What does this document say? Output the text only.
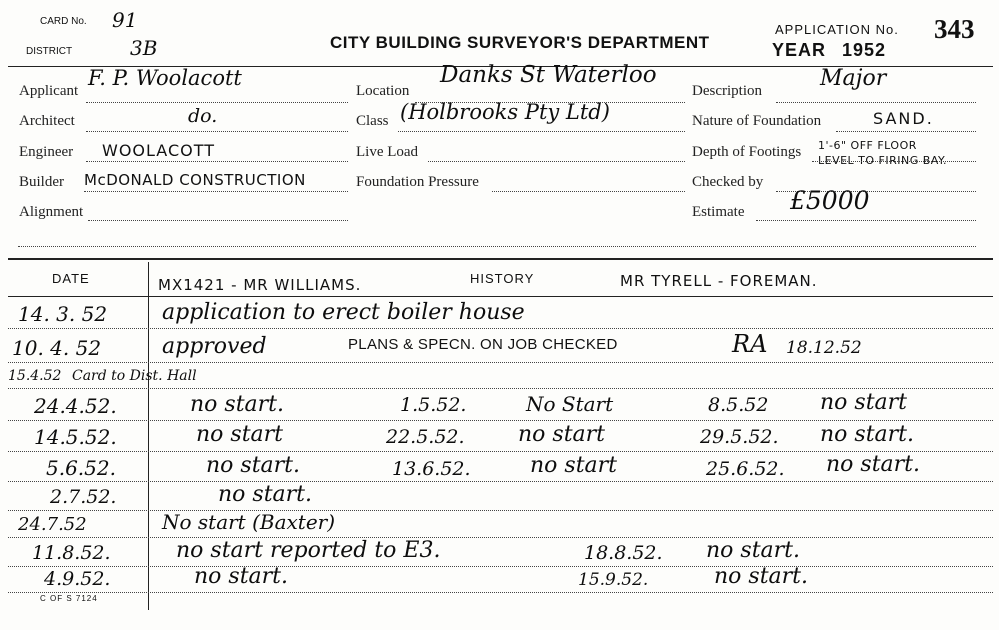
CARD No. 91
DISTRICT	3B	CITY BUILDING SURVEYOR'S DEPARTMENT
APPLICATION No. 343
YEAR 1952
Applicant
F. P. Woolacott
Architect	do.
Engineer WOOLACOTT
Builder McDONALD CONSTRUCTION
Alignment
Location
Danks St Waterloo
Class (Holbrooks Pty Ltd)
Live Load
Foundation Pressure
Description	Major
Nature of Foundation	SAND.
Depth of Footings 1'-6" OFF FLOOR
LEVEL TO FIRING BAY.
Checked by
Estimate £5000
DATE	HISTORY
MX1421 - MR WILLIAMS.	MR TYRELL - FOREMAN.
14. 3. 52 application to erect boiler house
10. 4. 52	approved	PLANS & SPECN. ON JOB CHECKED	RA 18.12.52
15.4.52 Card to Dist. Hall
24.4.52.	no start.	1.5.52.	No Start	8.5.52 no start
14.5.52.	no start	22.5.52. no start	29.5.52. no start.
5.6.52.	no start.	13.6.52.	no start	25.6.52. no start.
2.7.52.	no start.
24.7.52	No start (Baxter)
11.8.52.	no start reported to E3.	18.8.52. no start.
4.9.52.	no start.	15.9.52.	no start.
C OF S 7124
